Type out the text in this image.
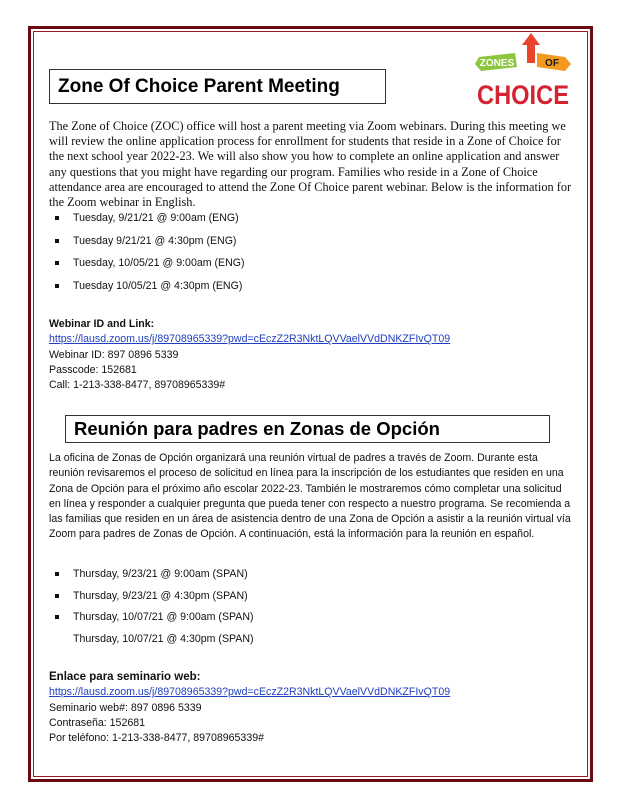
ZONES	OF
CHOICE
Zone Of Choice Parent Meeting
The Zone of Choice (ZOC) office will host a parent meeting via Zoom webinars. During this meeting we will review the online application process for enrollment for students that reside in a Zone of Choice for the next school year 2022-23. We will also show you how to complete an online application and answer any questions that you might have regarding our program. Families who reside in a Zone of Choice attendance area are encouraged to attend the Zone Of Choice parent webinar. Below is the information for the Zoom webinar in English.
Tuesday, 9/21/21 @ 9:00am (ENG)
Tuesday 9/21/21 @ 4:30pm (ENG)
Tuesday, 10/05/21 @ 9:00am (ENG)
Tuesday 10/05/21 @ 4:30pm (ENG)
Webinar ID and Link:
https://lausd.zoom.us/j/89708965339?pwd=cEczZ2R3NktLQVVaelVVdDNKZFIvQT09
Webinar ID: 897 0896 5339
Passcode: 152681
Call: 1-213-338-8477, 89708965339#
Reunión para padres en Zonas de Opción
La oficina de Zonas de Opción organizará una reunión virtual de padres a través de Zoom. Durante esta reunión revisaremos el proceso de solicitud en línea para la inscripción de los estudiantes que residen en una Zona de Opción para el próximo año escolar 2022-23. También le mostraremos cómo completar una solicitud en línea y responder a cualquier pregunta que pueda tener con respecto a nuestro programa. Se recomienda a las familias que residen en un área de asistencia dentro de una Zona de Opción a asistir a la reunión virtual vía Zoom para padres de Zonas de Opción. A continuación, está la información para la reunión en español.
Thursday, 9/23/21 @ 9:00am (SPAN)
Thursday, 9/23/21 @ 4:30pm (SPAN)
Thursday, 10/07/21 @ 9:00am (SPAN)
Thursday, 10/07/21 @ 4:30pm (SPAN)
Enlace para seminario web:
https://lausd.zoom.us/j/89708965339?pwd=cEczZ2R3NktLQVVaelVVdDNKZFIvQT09
Seminario web#: 897 0896 5339
Contraseña: 152681
Por teléfono: 1-213-338-8477, 89708965339#
